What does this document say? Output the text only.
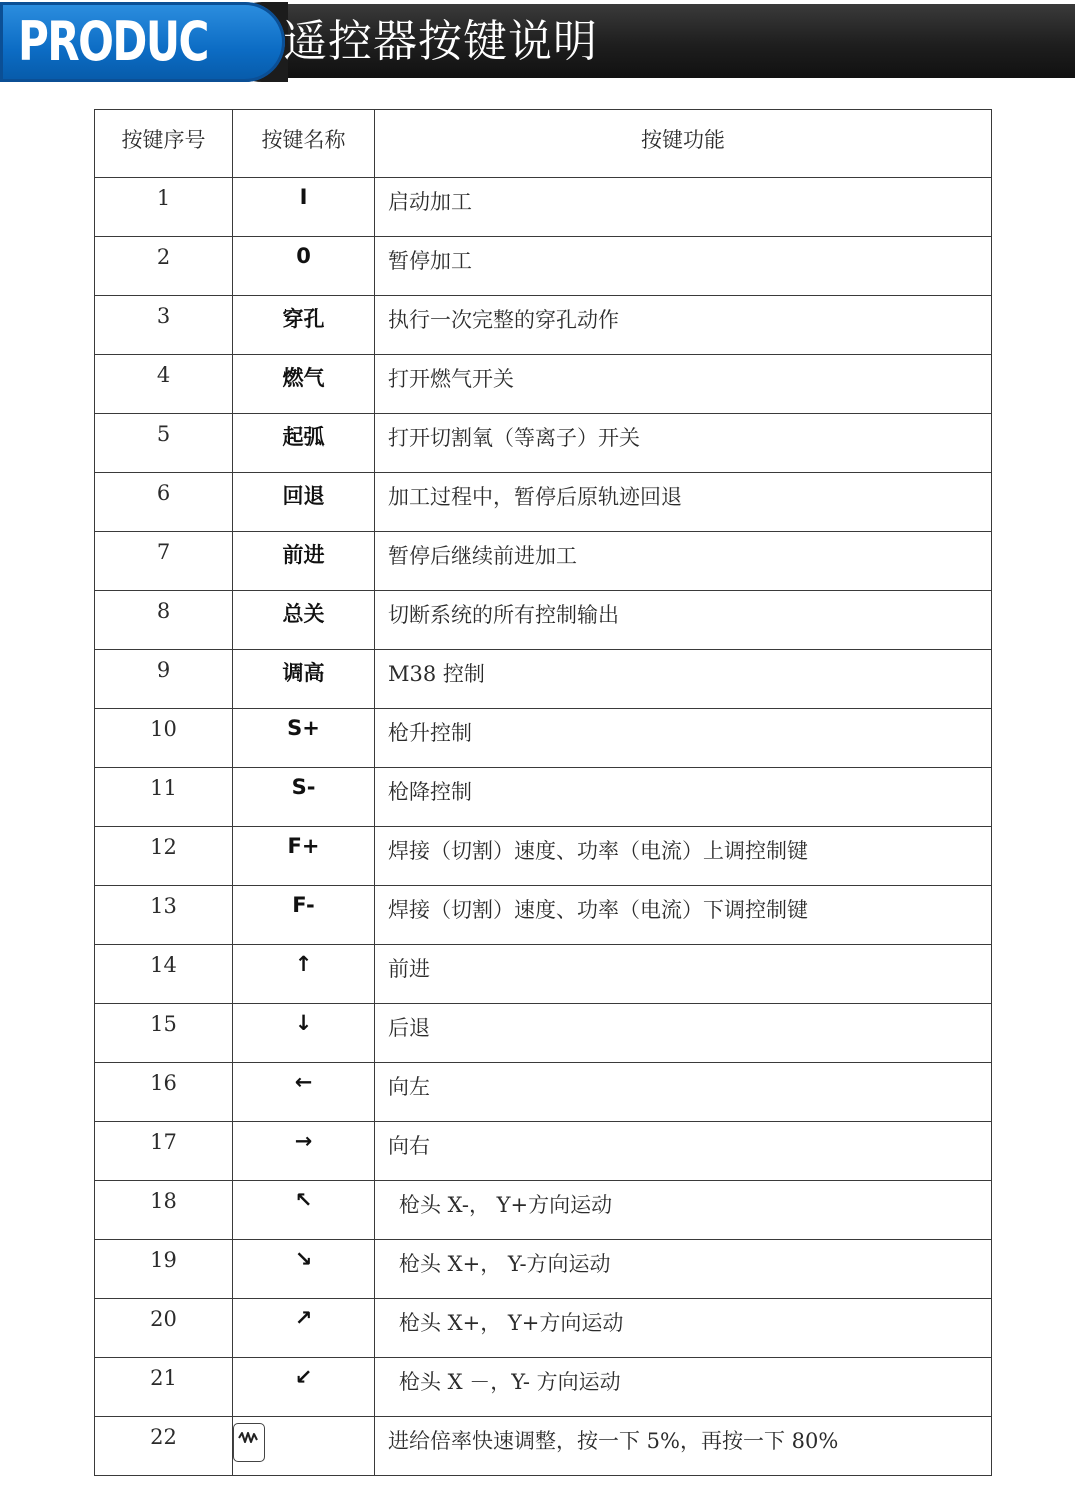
PRODUC 遥控器按键说明
按键序号	按键名称	按键功能

1	I	启动加工

2	0	暂停加工

3	穿孔	执行一次完整的穿孔动作

4	燃气	打开燃气开关

5	起弧	打开切割氧（等离子）开关

6	回退	加工过程中，暂停后原轨迹回退

7	前进	暂停后继续前进加工

8	总关	切断系统的所有控制输出

9	调高	M38 控制

10	S+	枪升控制

11	S-	枪降控制

12	F+	焊接（切割）速度、功率（电流）上调控制键

13	F-	焊接（切割）速度、功率（电流）下调控制键

14	↑	前进

15	↓	后退

16	←	向左

17	→	向右

18	↖	枪头 X-， Y+方向运动

19	↘	枪头 X+， Y-方向运动

20	↗	枪头 X+， Y+方向运动

21	↙	枪头 X －，Y- 方向运动

22		进给倍率快速调整，按一下 5%，再按一下 80%
